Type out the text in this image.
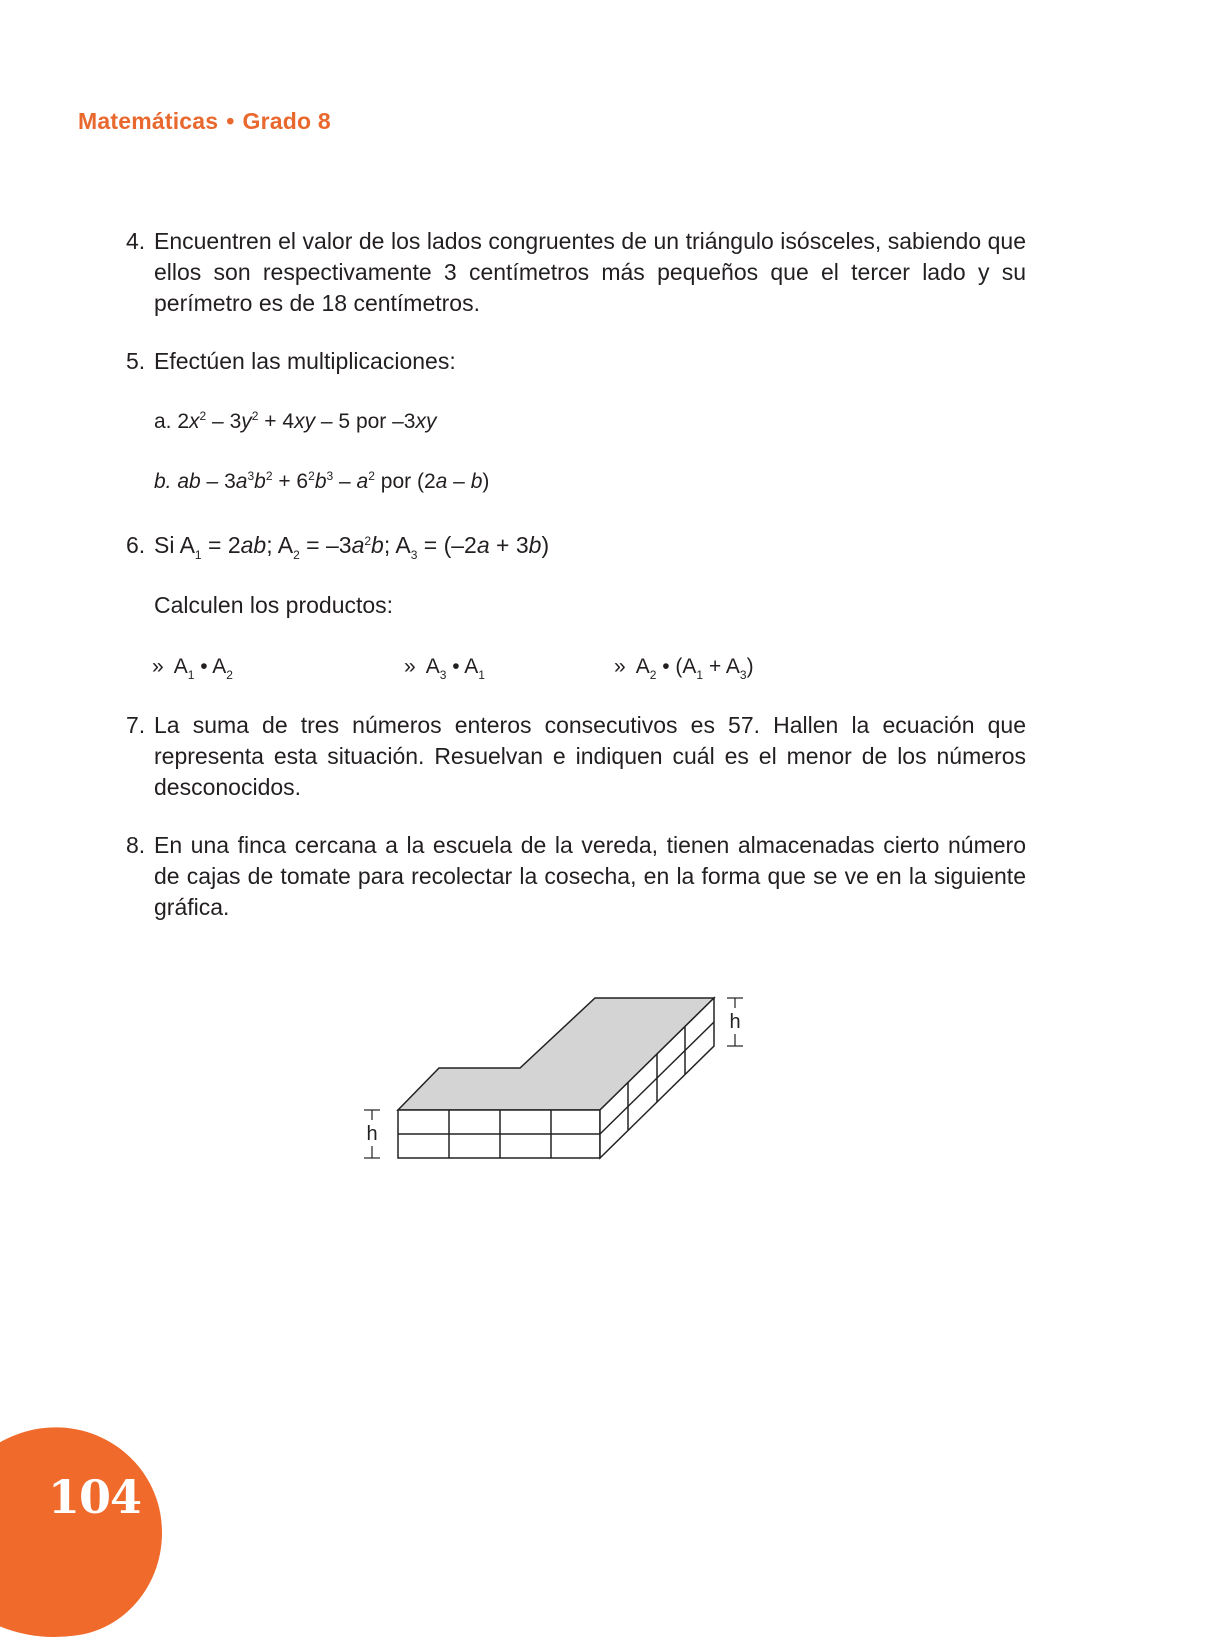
Matemáticas • Grado 8
4. Encuentren el valor de los lados congruentes de un triángulo isósceles, sabiendo que ellos son respectivamente 3 centímetros más pequeños que el tercer lado y su perímetro es de 18 centímetros.
5. Efectúen las multiplicaciones:
a. $2x^2 - 3y^2 + 4xy - 5$ por –3xy
b. ab – $3a^3b^2 + 6^2b^3 - a^2$ por (2a – b)
6. Si $A_1 = 2ab$; $A_2 = -3a^2b$; $A_3 = (-2a + 3b)$
Calculen los productos:
» $A_1$ • $A_2$	» $A_3$ • $A_1$	» $A_2$ • $(A_1 + A_3)$
7. La suma de tres números enteros consecutivos es 57. Hallen la ecuación que representa esta situación. Resuelvan e indiquen cuál es el menor de los números desconocidos.
8. En una finca cercana a la escuela de la vereda, tienen almacenadas cierto número de cajas de tomate para recolectar la cosecha, en la forma que se ve en la siguiente gráfica.
h
h
104
